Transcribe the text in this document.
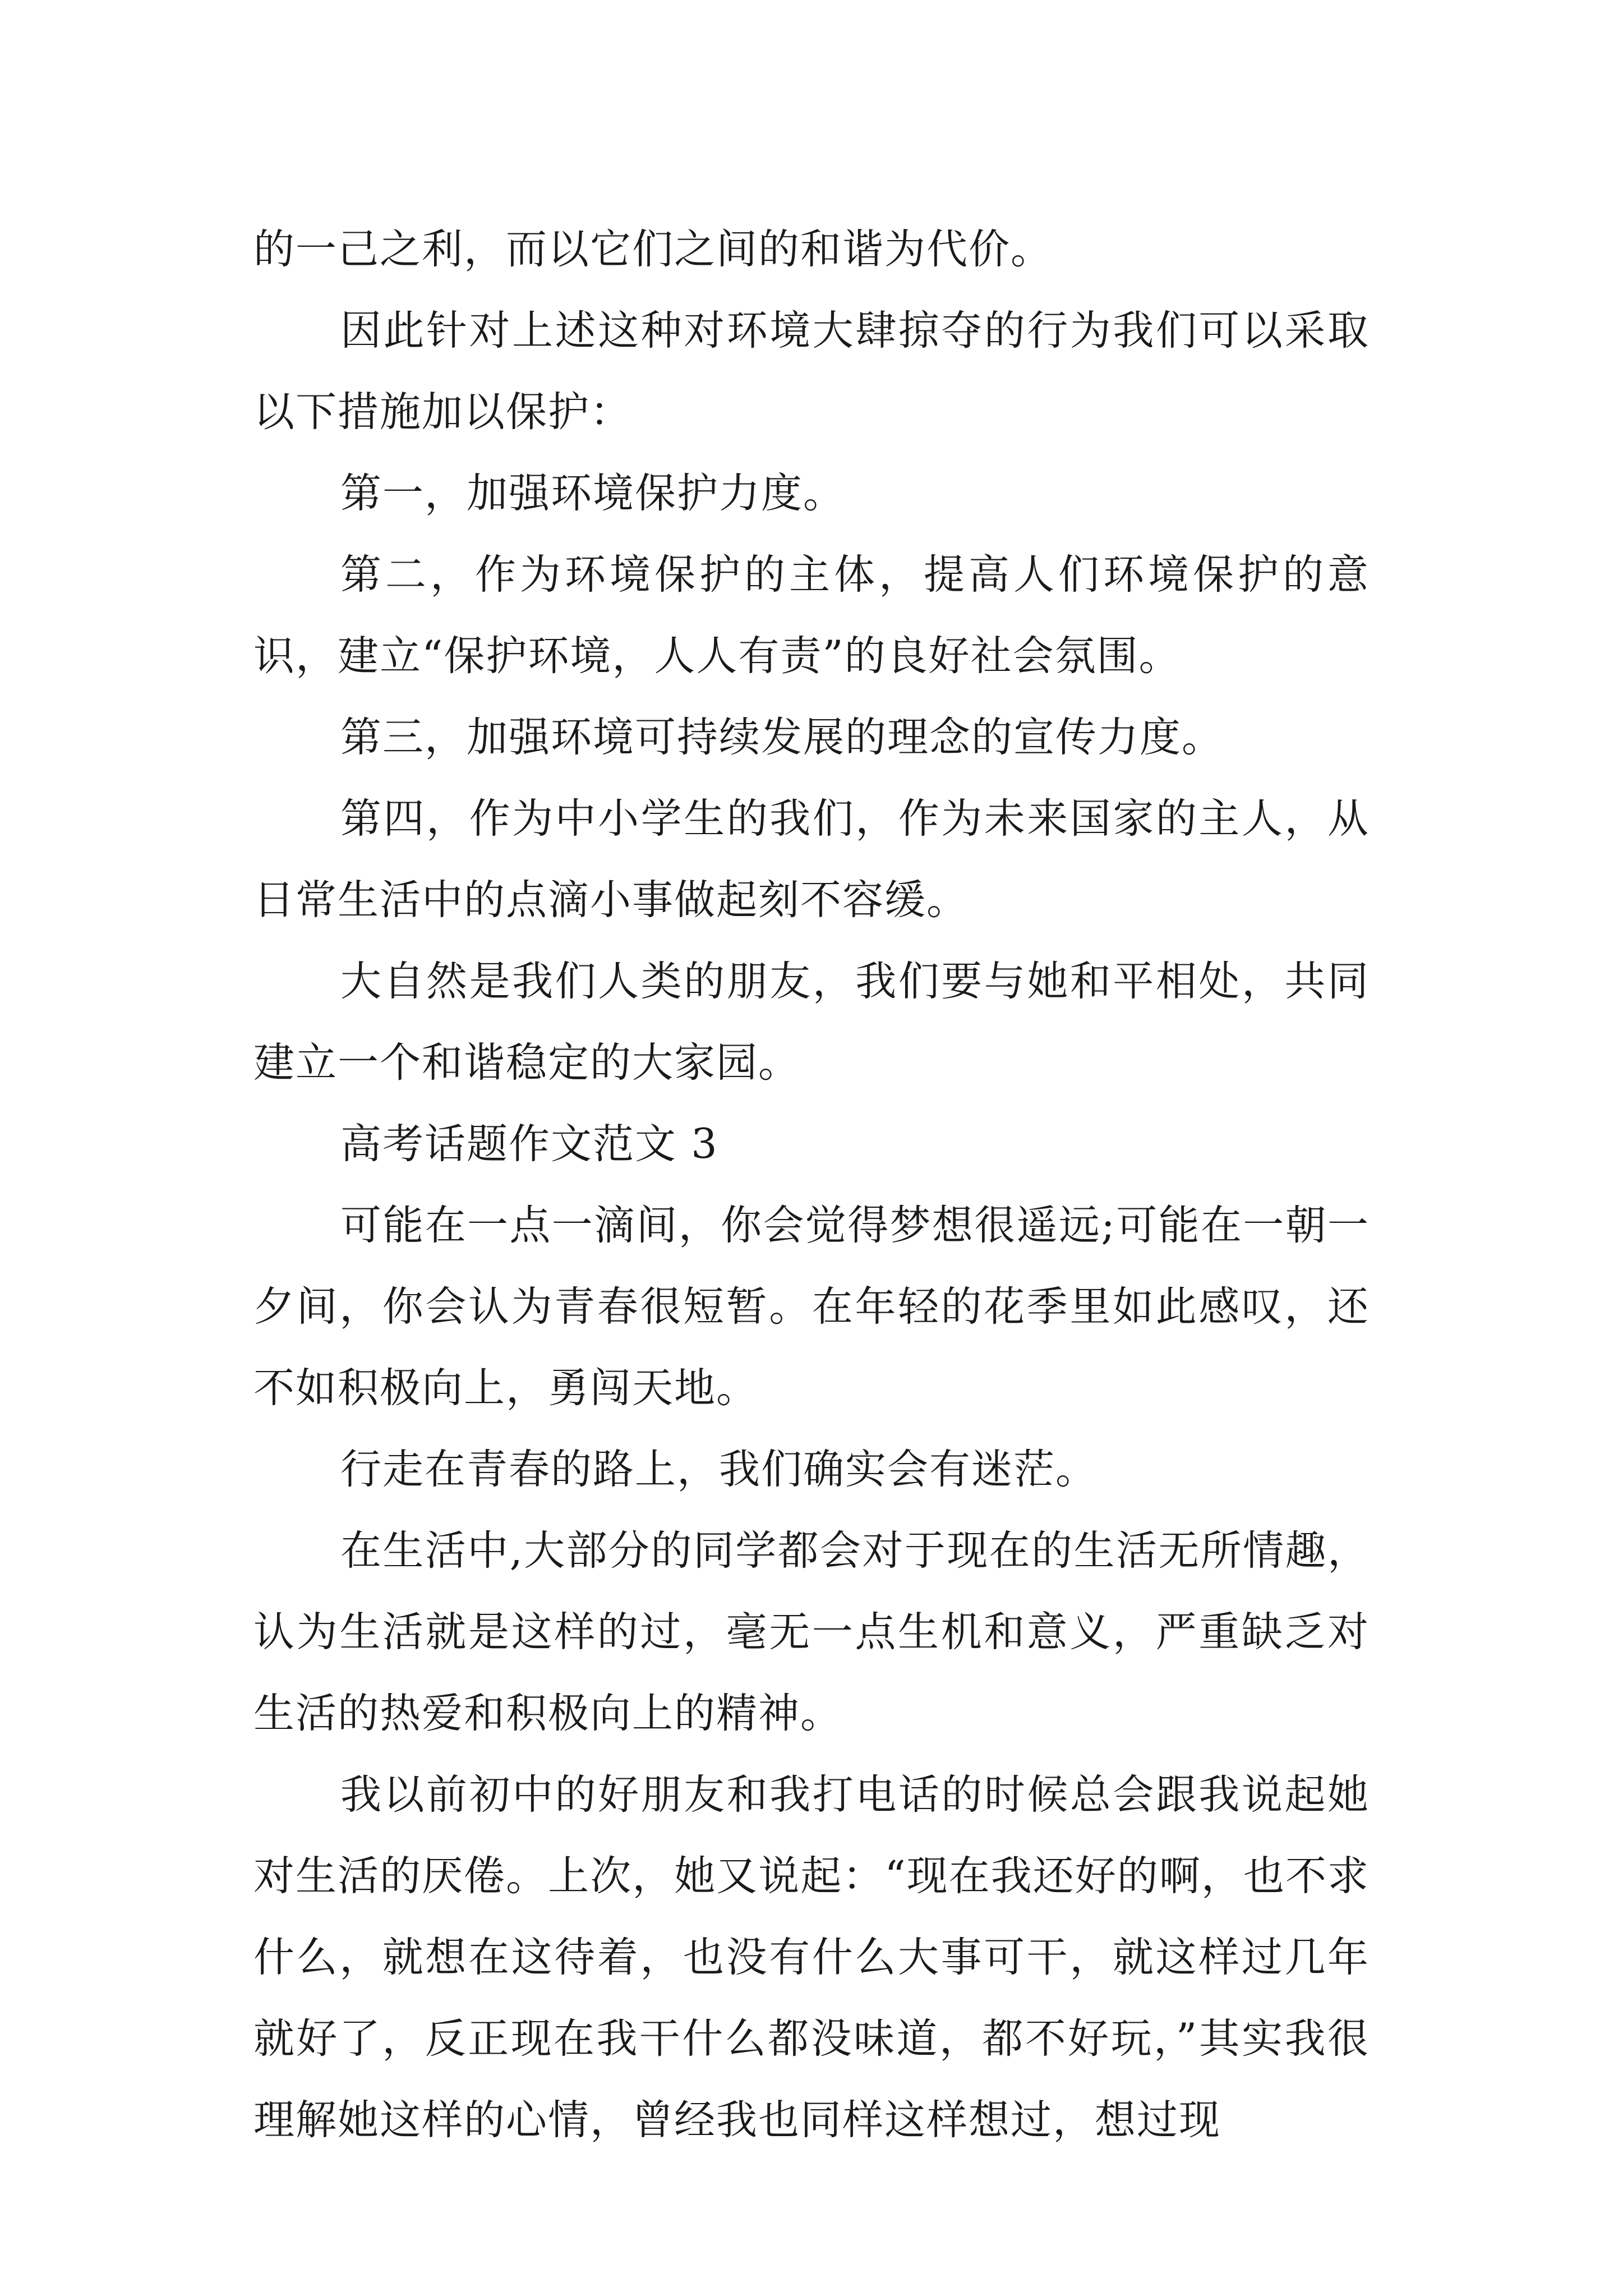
的一己之利，而以它们之间的和谐为代价。

因此针对上述这种对环境大肆掠夺的行为我们可以采取以下措施加以保护：

第一，加强环境保护力度。

第二，作为环境保护的主体，提高人们环境保护的意识，建立“保护环境，人人有责”的良好社会氛围。

第三，加强环境可持续发展的理念的宣传力度。

第四，作为中小学生的我们，作为未来国家的主人，从日常生活中的点滴小事做起刻不容缓。

大自然是我们人类的朋友，我们要与她和平相处，共同建立一个和谐稳定的大家园。

高考话题作文范文 3

可能在一点一滴间，你会觉得梦想很遥远;可能在一朝一夕间，你会认为青春很短暂。在年轻的花季里如此感叹，还不如积极向上，勇闯天地。

行走在青春的路上，我们确实会有迷茫。

在生活中,大部分的同学都会对于现在的生活无所情趣，认为生活就是这样的过，毫无一点生机和意义，严重缺乏对生活的热爱和积极向上的精神。

我以前初中的好朋友和我打电话的时候总会跟我说起她对生活的厌倦。上次，她又说起：“现在我还好的啊，也不求什么，就想在这待着，也没有什么大事可干，就这样过几年就好了，反正现在我干什么都没味道，都不好玩，”其实我很理解她这样的心情，曾经我也同样这样想过，想过现
